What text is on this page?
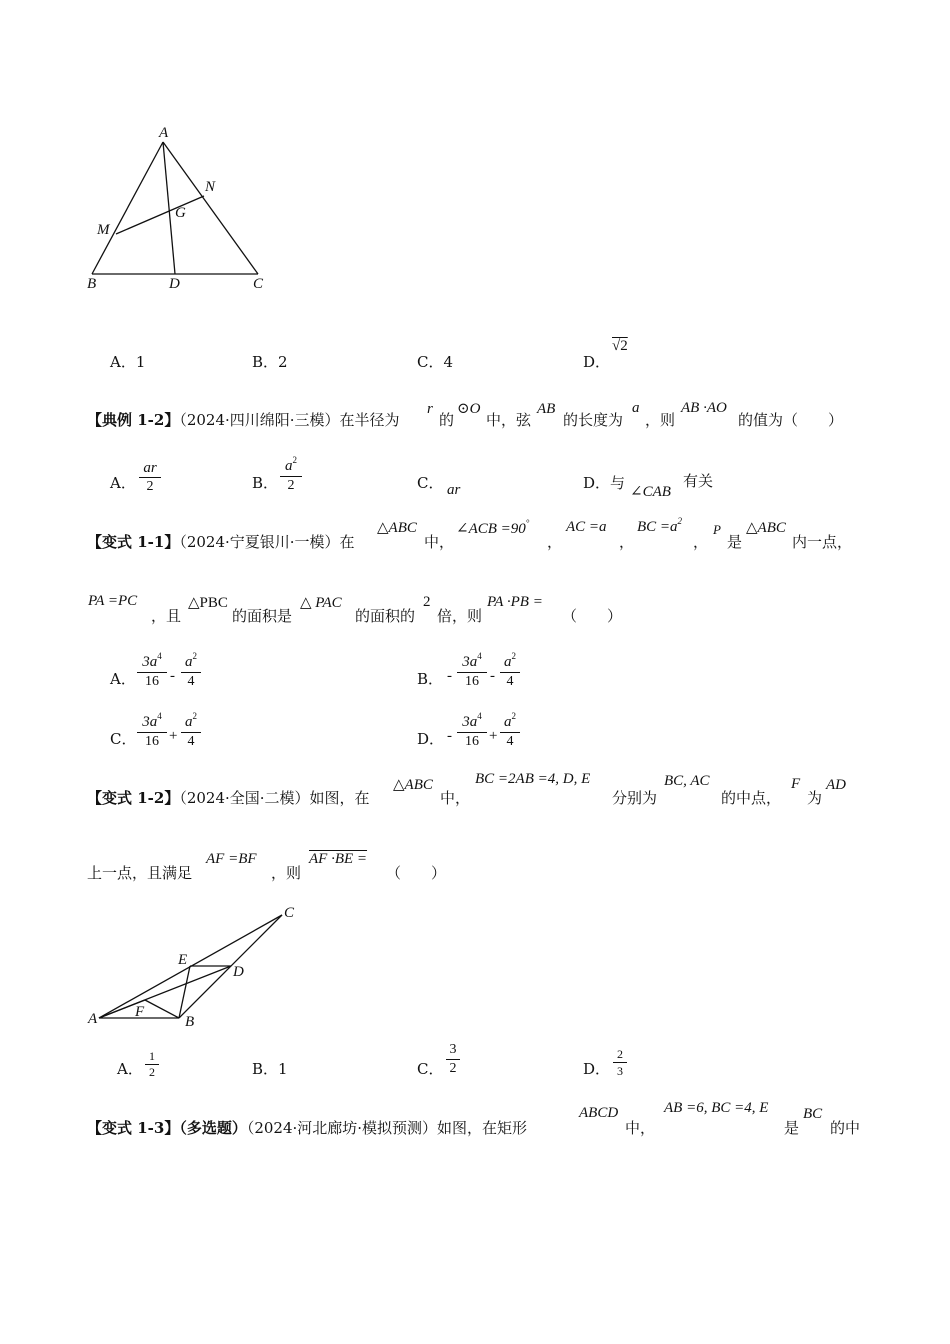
A
N
G
M
B	D	C
A．1	B．2	C．4	D．
√2
【典例 1-2】（2024·四川绵阳·三模）在半径为
r
的
⊙O
中，弦
AB
的长度为
a
，则
AB ·AO
的值为（　　）
A．
ar
2	B．
$a^2$
2	C． ar	D．与 ∠CAB
有关
【变式 1-1】（2024·宁夏银川·一模）在
△ABC
中，
∠ACB =90°
，
AC =a
，
BC $=a^2$
，
P
是
△ABC
内一点，
PA =PC
，且
△PBC
的面积是
△ PAC
的面积的
2
倍，则
PA ·PB =
（　　）
A．
$3a^4$
16 -
$a^2$
4	B． -
$3a^4$
16 -
$a^2$
4
C．
$3a^4$
16 +
$a^2$
4	D． -
$3a^4$
16 +
$a^2$
4
【变式 1-2】（2024·全国·二模）如图，在
△ABC
中，
BC =2AB =4, D, E
分别为
BC, AC
的中点，
F
为
AD
上一点，且满足
AF =BF
，则
AF ·BE =
（　　）
C
E
D
F
A	B
A．
1
2	B．1	C．
3
2	D．
2
3
【变式 1-3】（多选题）（2024·河北廊坊·模拟预测）如图，在矩形
ABCD
中，
AB =6, BC =4, E
是
BC
的中
